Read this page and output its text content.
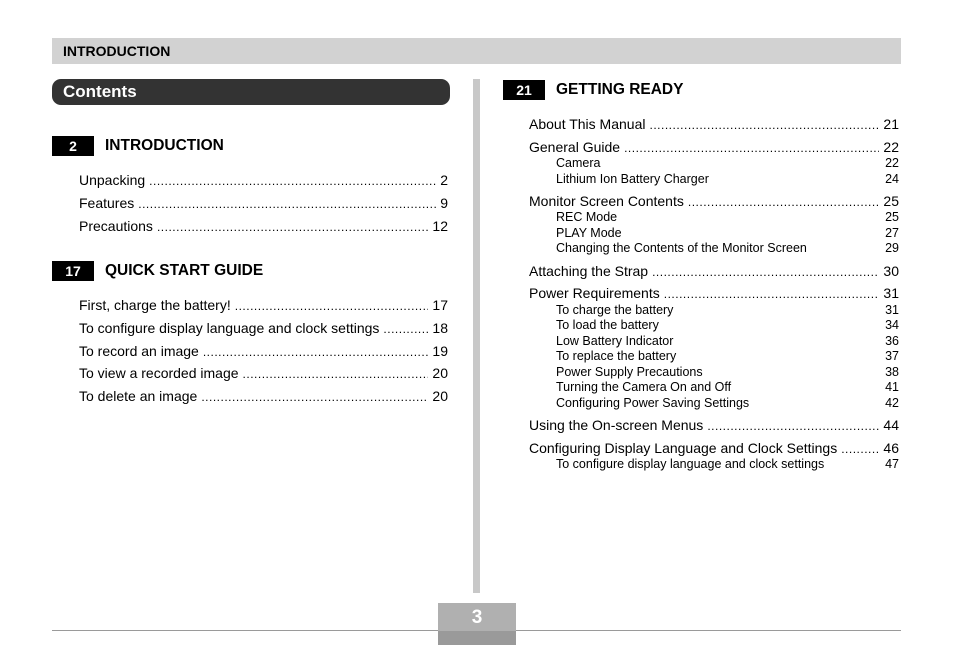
INTRODUCTION
Contents
2	INTRODUCTION
Unpacking .....	2
Features .....	9
Precautions .....	12
17	QUICK START GUIDE
First, charge the battery! .....	17
To configure display language and clock settings .....	18
To record an image .....	19
To view a recorded image .....	20
To delete an image .....	20
21	GETTING READY
About This Manual .....	21
General Guide .....	22
Camera	22
Lithium Ion Battery Charger	24
Monitor Screen Contents .....	25
REC Mode	25
PLAY Mode	27
Changing the Contents of the Monitor Screen	29
Attaching the Strap .....	30
Power Requirements .....	31
To charge the battery	31
To load the battery	34
Low Battery Indicator	36
To replace the battery	37
Power Supply Precautions	38
Turning the Camera On and Off	41
Configuring Power Saving Settings	42
Using the On-screen Menus .....	44
Configuring Display Language and Clock Settings .....	46
To configure display language and clock settings	47
3
